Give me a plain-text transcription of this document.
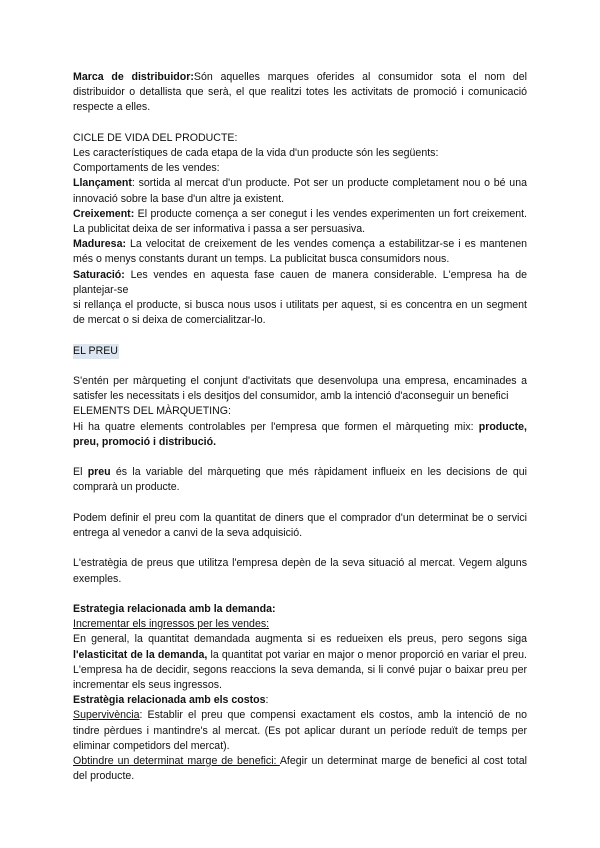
Marca de distribuidor:Són aquelles marques oferides al consumidor sota el nom del distribuidor o detallista que serà, el que realitzi totes les activitats de promoció i comunicació respecte a elles.

CICLE DE VIDA DEL PRODUCTE:

Les característiques de cada etapa de la vida d'un producte són les següents:

Comportaments de les vendes:

Llançament: sortida al mercat d'un producte. Pot ser un producte completament nou o bé una innovació sobre la base d'un altre ja existent.

Creixement: El producte comença a ser conegut i les vendes experimenten un fort creixement. La publicitat deixa de ser informativa i passa a ser persuasiva.

Maduresa: La velocitat de creixement de les vendes comença a estabilitzar-se i es mantenen més o menys constants durant un temps. La publicitat busca consumidors nous.

Saturació: Les vendes en aquesta fase cauen de manera considerable. L'empresa ha de plantejar-se

si rellança el producte, si busca nous usos i utilitats per aquest, si es concentra en un segment de mercat o si deixa de comercialitzar-lo.

EL PREU

S'entén per màrqueting el conjunt d'activitats que desenvolupa una empresa, encaminades a satisfer les necessitats i els desitjos del consumidor, amb la intenció d'aconseguir un benefici

ELEMENTS DEL MÀRQUETING:

Hi ha quatre elements controlables per l'empresa que formen el màrqueting mix: producte, preu, promoció i distribució.

El preu és la variable del màrqueting que més ràpidament influeix en les decisions de qui comprarà un producte.

Podem definir el preu com la quantitat de diners que el comprador d'un determinat be o servici entrega al venedor a canvi de la seva adquisició.

L'estratègia de preus que utilitza l'empresa depèn de la seva situació al mercat. Vegem alguns exemples.

Estrategia relacionada amb la demanda:

Incrementar els ingressos per les vendes:

En general, la quantitat demandada augmenta si es redueixen els preus, pero segons siga l'elasticitat de la demanda, la quantitat pot variar en major o menor proporció en variar el preu. L'empresa ha de decidir, segons reaccions la seva demanda, si li convé pujar o baixar preu per incrementar els seus ingressos.

Estratègia relacionada amb els costos:

Supervivència: Establir el preu que compensi exactament els costos, amb la intenció de no tindre pèrdues i mantindre's al mercat. (Es pot aplicar durant un període reduït de temps per eliminar competidors del mercat).

Obtindre un determinat marge de benefici: Afegir un determinat marge de benefici al cost total del producte.
